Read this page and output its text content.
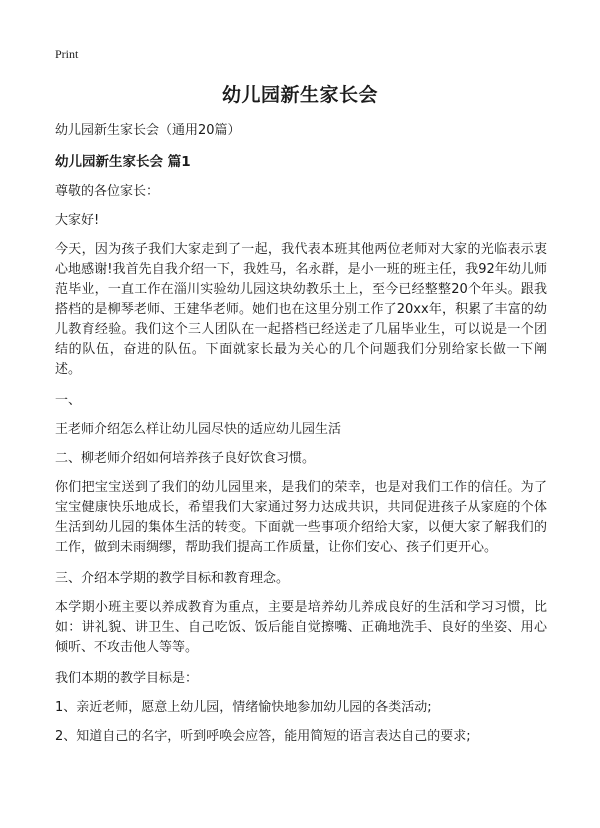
Print
幼儿园新生家长会

幼儿园新生家长会（通用20篇）

幼儿园新生家长会 篇1

尊敬的各位家长：

大家好!

今天，因为孩子我们大家走到了一起，我代表本班其他两位老师对大家的光临表示衷心地感谢!我首先自我介绍一下，我姓马，名永群，是小一班的班主任，我92年幼儿师范毕业，一直工作在淄川实验幼儿园这块幼教乐土上，至今已经整整20个年头。跟我搭档的是柳琴老师、王建华老师。她们也在这里分别工作了20xx年，积累了丰富的幼儿教育经验。我们这个三人团队在一起搭档已经送走了几届毕业生，可以说是一个团结的队伍，奋进的队伍。下面就家长最为关心的几个问题我们分别给家长做一下阐述。

一、

王老师介绍怎么样让幼儿园尽快的适应幼儿园生活

二、柳老师介绍如何培养孩子良好饮食习惯。

你们把宝宝送到了我们的幼儿园里来，是我们的荣幸，也是对我们工作的信任。为了宝宝健康快乐地成长，希望我们大家通过努力达成共识，共同促进孩子从家庭的个体生活到幼儿园的集体生活的转变。下面就一些事项介绍给大家，以便大家了解我们的工作，做到未雨绸缪，帮助我们提高工作质量，让你们安心、孩子们更开心。

三、介绍本学期的教学目标和教育理念。

本学期小班主要以养成教育为重点，主要是培养幼儿养成良好的生活和学习习惯，比如：讲礼貌、讲卫生、自己吃饭、饭后能自觉擦嘴、正确地洗手、良好的坐姿、用心倾听、不攻击他人等等。

我们本期的教学目标是：

1、亲近老师，愿意上幼儿园，情绪愉快地参加幼儿园的各类活动;

2、知道自己的名字，听到呼唤会应答，能用简短的语言表达自己的要求;
